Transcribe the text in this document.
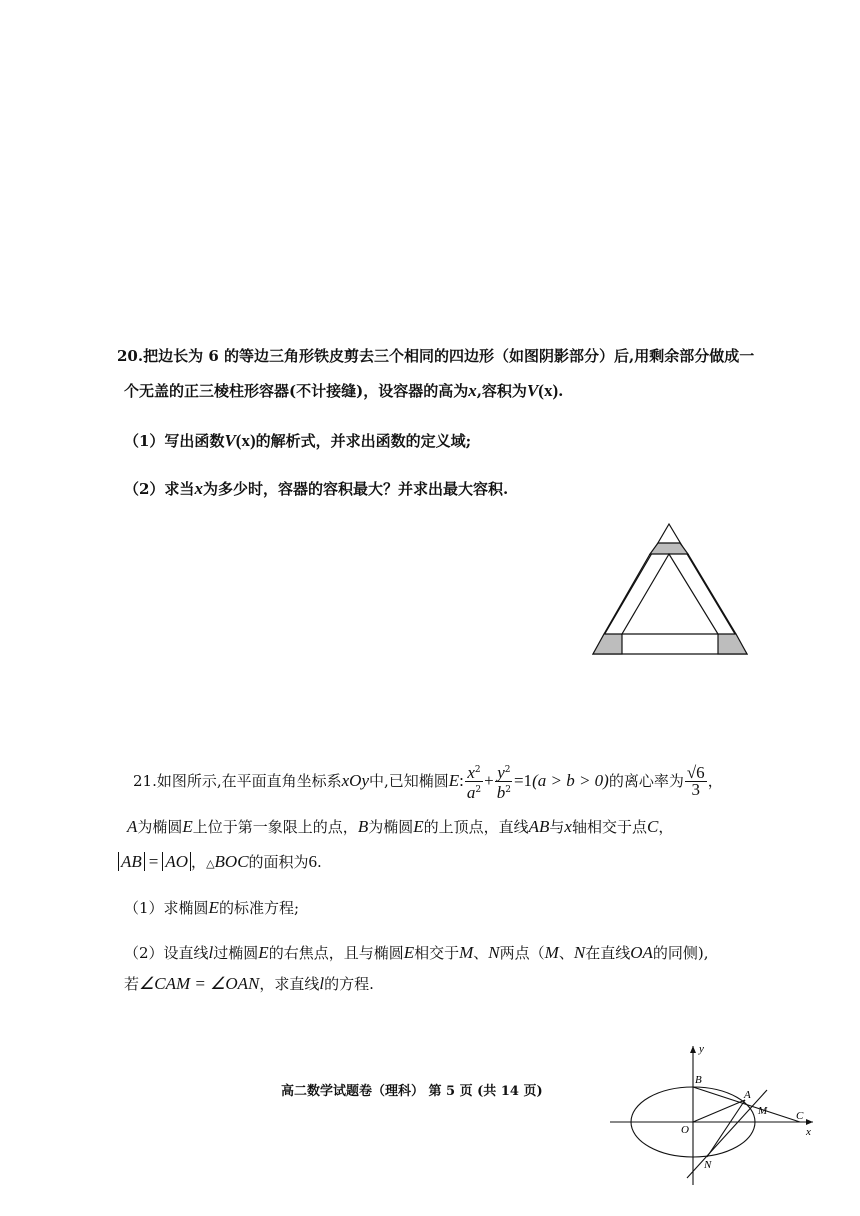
20.把边长为 6 的等边三角形铁皮剪去三个相同的四边形（如图阴影部分）后,用剩余部分做成一
个无盖的正三棱柱形容器(不计接缝)，设容器的高为x,容积为V(x).
（1）写出函数V(x)的解析式，并求出函数的定义域;
（2）求当x为多少时，容器的容积最大？并求出最大容积.
21.如图所示,在平面直角坐标系 xOy 中,已知椭圆 E : $\frac{x^2}{a^2} + \frac{y^2}{b^2} =1$ (a > b > 0) 的离心率为 $\frac{√6}{3}$ ，
A为椭圆E上位于第一象限上的点，B为椭圆E的上顶点，直线AB与x轴相交于点C，
AB = AO ，△BOC的面积为6.
（1）求椭圆E的标准方程;
（2）设直线l过椭圆E的右焦点，且与椭圆E相交于M、N两点（M、N在直线OA的同侧),
若∠CAM = ∠OAN，求直线l的方程.
高二数学试题卷（理科） 第 5 页 (共 14 页)
y
B
A
M	C
O	x
N
